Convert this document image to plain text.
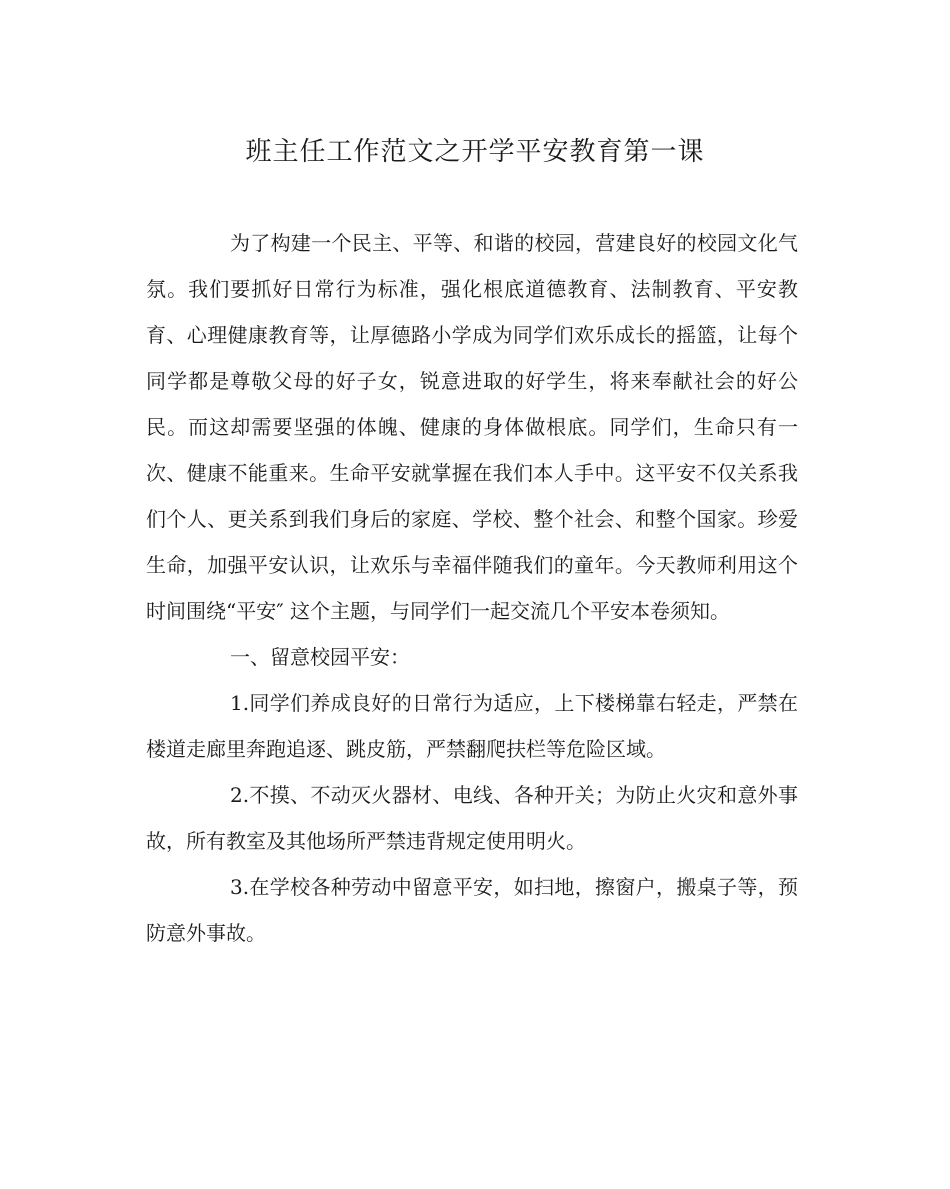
班主任工作范文之开学平安教育第一课

为了构建一个民主、平等、和谐的校园，营建良好的校园文化气氛。我们要抓好日常行为标准，强化根底道德教育、法制教育、平安教育、心理健康教育等，让厚德路小学成为同学们欢乐成长的摇篮，让每个同学都是尊敬父母的好子女，锐意进取的好学生，将来奉献社会的好公民。而这却需要坚强的体魄、健康的身体做根底。同学们，生命只有一次、健康不能重来。生命平安就掌握在我们本人手中。这平安不仅关系我们个人、更关系到我们身后的家庭、学校、整个社会、和整个国家。珍爱生命，加强平安认识，让欢乐与幸福伴随我们的童年。今天教师利用这个时间围绕“平安″ 这个主题，与同学们一起交流几个平安本卷须知。

一、留意校园平安：

1.同学们养成良好的日常行为适应，上下楼梯靠右轻走，严禁在楼道走廊里奔跑追逐、跳皮筋，严禁翻爬扶栏等危险区域。

2.不摸、不动灭火器材、电线、各种开关；为防止火灾和意外事故，所有教室及其他场所严禁违背规定使用明火。

3.在学校各种劳动中留意平安，如扫地，擦窗户，搬桌子等，预防意外事故。
